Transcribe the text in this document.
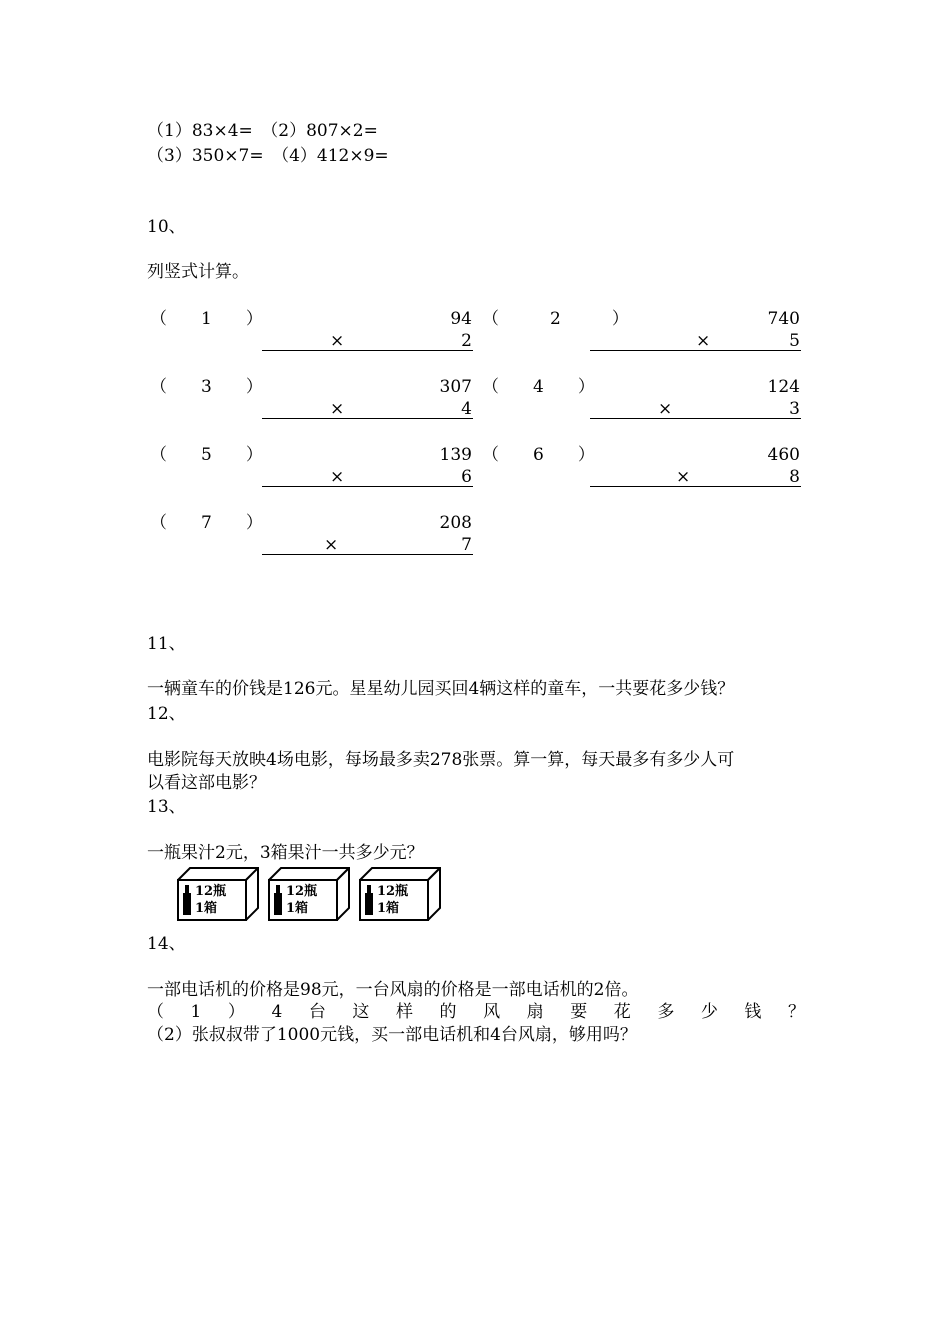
（1）83×4=　（2）807×2=
（3）350×7=　（4）412×9=
10、
列竖式计算。
（　　1　　）	94
×	2
（　　　2　　　）	740
×	5
（　　3　　）	307
×	4
（　　4　　）	124
×	3
（　　5　　）	139
×	6
（　　6　　）	460
×	8
（　　7　　）	208
×	7
11、
一辆童车的价钱是126元。星星幼儿园买回4辆这样的童车，一共要花多少钱？
12、
电影院每天放映4场电影，每场最多卖278张票。算一算，每天最多有多少人可
以看这部电影？
13、
一瓶果汁2元，3箱果汁一共多少元？
12瓶
1箱
12瓶
1箱
12瓶
1箱
14、
一部电话机的价格是98元，一台风扇的价格是一部电话机的2倍。
（1）4台这样的风扇要花多少钱？
（2）张叔叔带了1000元钱，买一部电话机和4台风扇，够用吗？
